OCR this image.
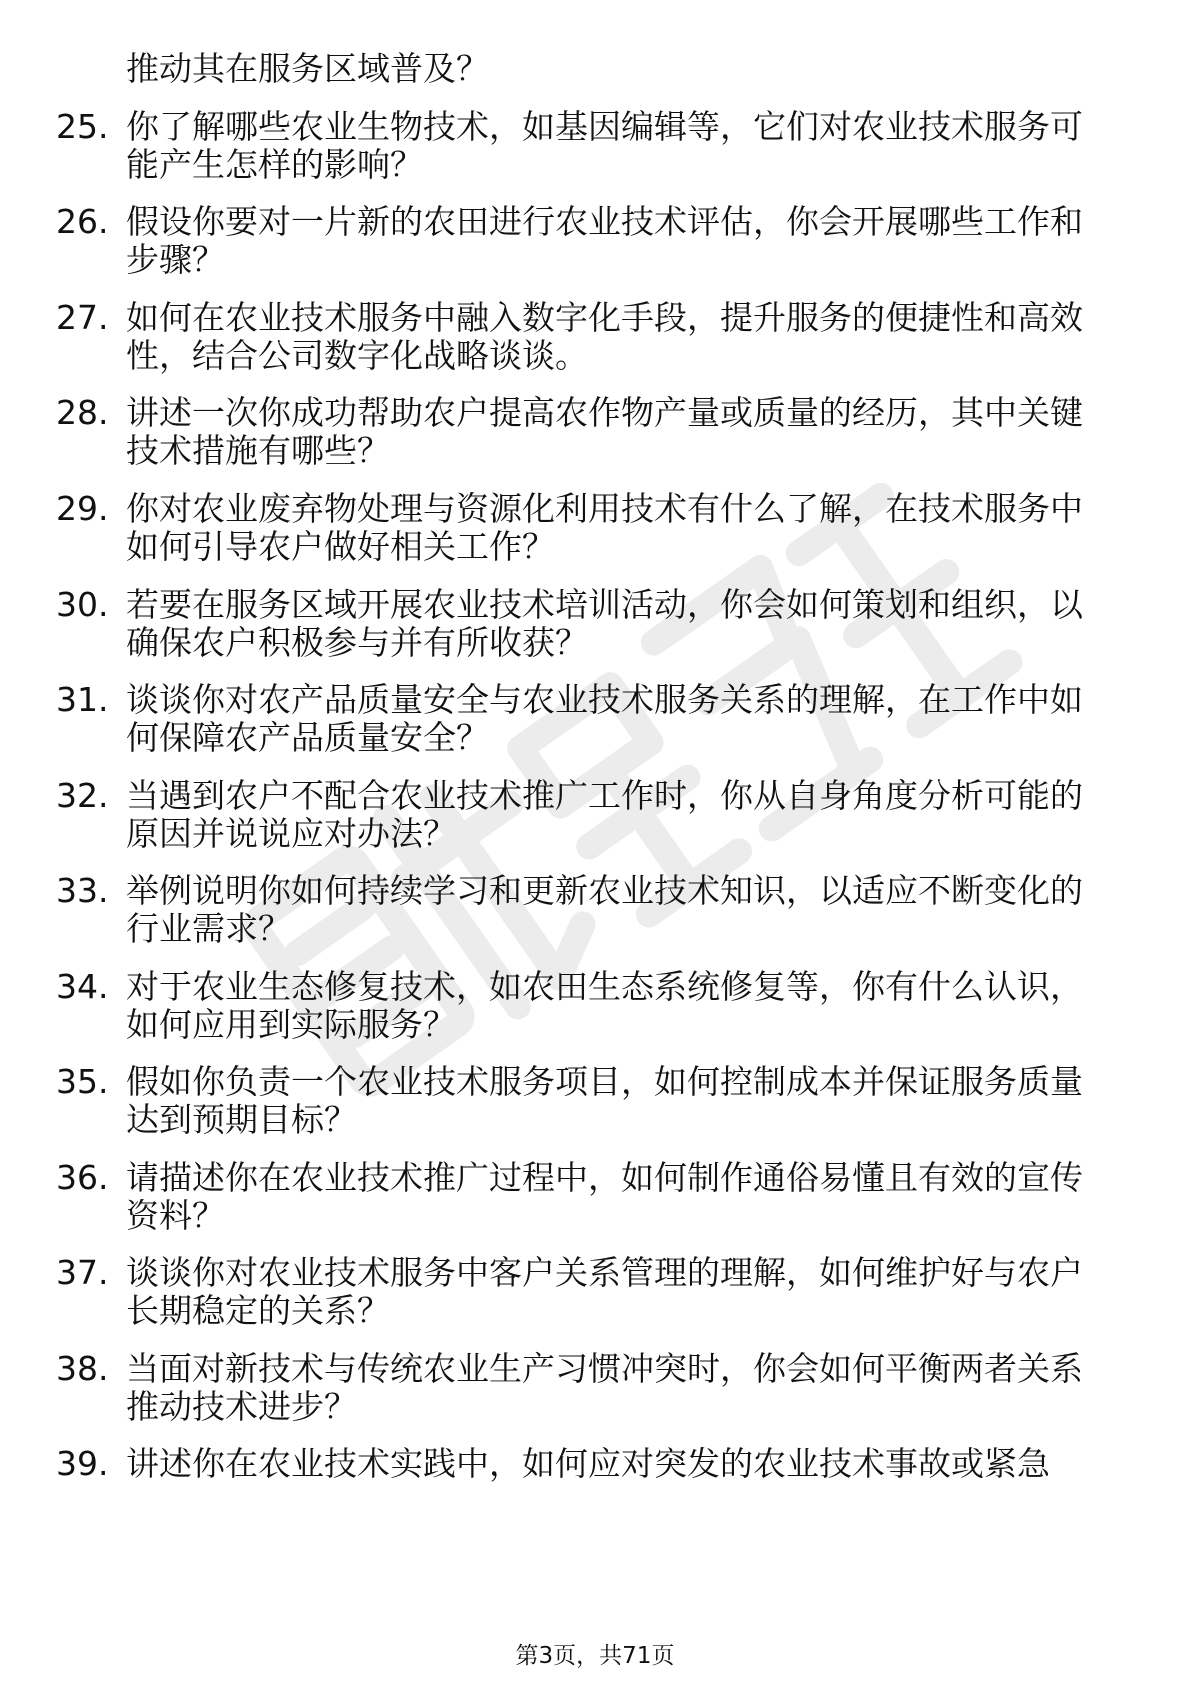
推动其在服务区域普及？
25. 你了解哪些农业生物技术，如基因编辑等，它们对农业技术服务可能产生怎样的影响？
26. 假设你要对一片新的农田进行农业技术评估，你会开展哪些工作和步骤？
27. 如何在农业技术服务中融入数字化手段，提升服务的便捷性和高效性，结合公司数字化战略谈谈。
28. 讲述一次你成功帮助农户提高农作物产量或质量的经历，其中关键技术措施有哪些？
29. 你对农业废弃物处理与资源化利用技术有什么了解，在技术服务中如何引导农户做好相关工作？
30. 若要在服务区域开展农业技术培训活动，你会如何策划和组织，以确保农户积极参与并有所收获？
31. 谈谈你对农产品质量安全与农业技术服务关系的理解，在工作中如何保障农产品质量安全？
32. 当遇到农户不配合农业技术推广工作时，你从自身角度分析可能的原因并说说应对办法？
33. 举例说明你如何持续学习和更新农业技术知识，以适应不断变化的行业需求？
34. 对于农业生态修复技术，如农田生态系统修复等，你有什么认识，如何应用到实际服务？
35. 假如你负责一个农业技术服务项目，如何控制成本并保证服务质量达到预期目标？
36. 请描述你在农业技术推广过程中，如何制作通俗易懂且有效的宣传资料？
37. 谈谈你对农业技术服务中客户关系管理的理解，如何维护好与农户长期稳定的关系？
38. 当面对新技术与传统农业生产习惯冲突时，你会如何平衡两者关系推动技术进步？
39. 讲述你在农业技术实践中，如何应对突发的农业技术事故或紧急
第3页，共71页
